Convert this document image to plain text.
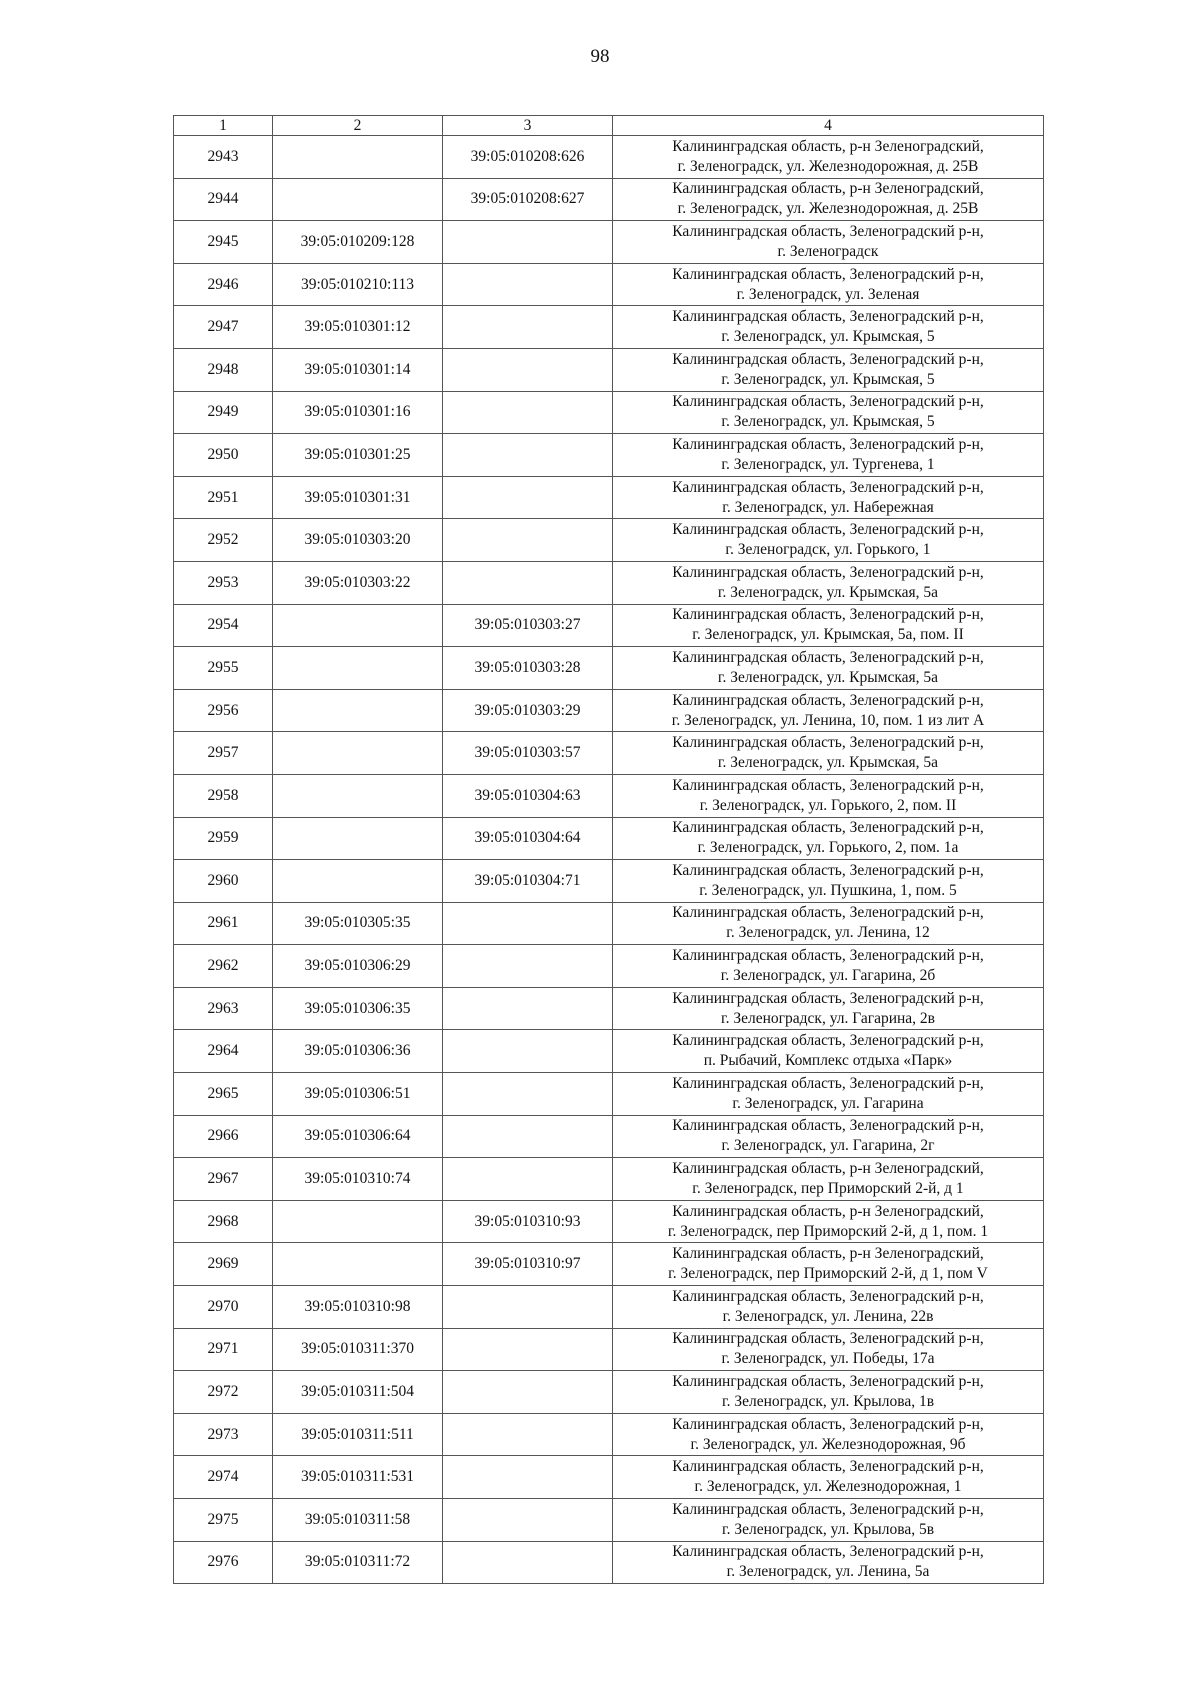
98
1	2	3	4
2943		39:05:010208:626	Калининградская область, р-н Зеленоградский,
г. Зеленоградск, ул. Железнодорожная, д. 25В

2944		39:05:010208:627	Калининградская область, р-н Зеленоградский,
г. Зеленоградск, ул. Железнодорожная, д. 25В

2945	39:05:010209:128		Калининградская область, Зеленоградский р-н,
г. Зеленоградск

2946	39:05:010210:113		Калининградская область, Зеленоградский р-н,
г. Зеленоградск, ул. Зеленая

2947	39:05:010301:12		Калининградская область, Зеленоградский р-н,
г. Зеленоградск, ул. Крымская, 5

2948	39:05:010301:14		Калининградская область, Зеленоградский р-н,
г. Зеленоградск, ул. Крымская, 5

2949	39:05:010301:16		Калининградская область, Зеленоградский р-н,
г. Зеленоградск, ул. Крымская, 5

2950	39:05:010301:25		Калининградская область, Зеленоградский р-н,
г. Зеленоградск, ул. Тургенева, 1

2951	39:05:010301:31		Калининградская область, Зеленоградский р-н,
г. Зеленоградск, ул. Набережная

2952	39:05:010303:20		Калининградская область, Зеленоградский р-н,
г. Зеленоградск, ул. Горького, 1

2953	39:05:010303:22		Калининградская область, Зеленоградский р-н,
г. Зеленоградск, ул. Крымская, 5а

2954		39:05:010303:27	Калининградская область, Зеленоградский р-н,
г. Зеленоградск, ул. Крымская, 5а, пом. II

2955		39:05:010303:28	Калининградская область, Зеленоградский р-н,
г. Зеленоградск, ул. Крымская, 5а

2956		39:05:010303:29	Калининградская область, Зеленоградский р-н,
г. Зеленоградск, ул. Ленина, 10, пом. 1 из лит А

2957		39:05:010303:57	Калининградская область, Зеленоградский р-н,
г. Зеленоградск, ул. Крымская, 5а

2958		39:05:010304:63	Калининградская область, Зеленоградский р-н,
г. Зеленоградск, ул. Горького, 2, пом. II

2959		39:05:010304:64	Калининградская область, Зеленоградский р-н,
г. Зеленоградск, ул. Горького, 2, пом. 1а

2960		39:05:010304:71	Калининградская область, Зеленоградский р-н,
г. Зеленоградск, ул. Пушкина, 1, пом. 5

2961	39:05:010305:35		Калининградская область, Зеленоградский р-н,
г. Зеленоградск, ул. Ленина, 12

2962	39:05:010306:29		Калининградская область, Зеленоградский р-н,
г. Зеленоградск, ул. Гагарина, 2б

2963	39:05:010306:35		Калининградская область, Зеленоградский р-н,
г. Зеленоградск, ул. Гагарина, 2в

2964	39:05:010306:36		Калининградская область, Зеленоградский р-н,
п. Рыбачий, Комплекс отдыха «Парк»

2965	39:05:010306:51		Калининградская область, Зеленоградский р-н,
г. Зеленоградск, ул. Гагарина

2966	39:05:010306:64		Калининградская область, Зеленоградский р-н,
г. Зеленоградск, ул. Гагарина, 2г

2967	39:05:010310:74		Калининградская область, р-н Зеленоградский,
г. Зеленоградск, пер Приморский 2-й, д 1

2968		39:05:010310:93	Калининградская область, р-н Зеленоградский,
г. Зеленоградск, пер Приморский 2-й, д 1, пом. 1

2969		39:05:010310:97	Калининградская область, р-н Зеленоградский,
г. Зеленоградск, пер Приморский 2-й, д 1, пом V

2970	39:05:010310:98		Калининградская область, Зеленоградский р-н,
г. Зеленоградск, ул. Ленина, 22в

2971	39:05:010311:370		Калининградская область, Зеленоградский р-н,
г. Зеленоградск, ул. Победы, 17а

2972	39:05:010311:504		Калининградская область, Зеленоградский р-н,
г. Зеленоградск, ул. Крылова, 1в

2973	39:05:010311:511		Калининградская область, Зеленоградский р-н,
г. Зеленоградск, ул. Железнодорожная, 9б

2974	39:05:010311:531		Калининградская область, Зеленоградский р-н,
г. Зеленоградск, ул. Железнодорожная, 1

2975	39:05:010311:58		Калининградская область, Зеленоградский р-н,
г. Зеленоградск, ул. Крылова, 5в

2976	39:05:010311:72		Калининградская область, Зеленоградский р-н,
г. Зеленоградск, ул. Ленина, 5а
